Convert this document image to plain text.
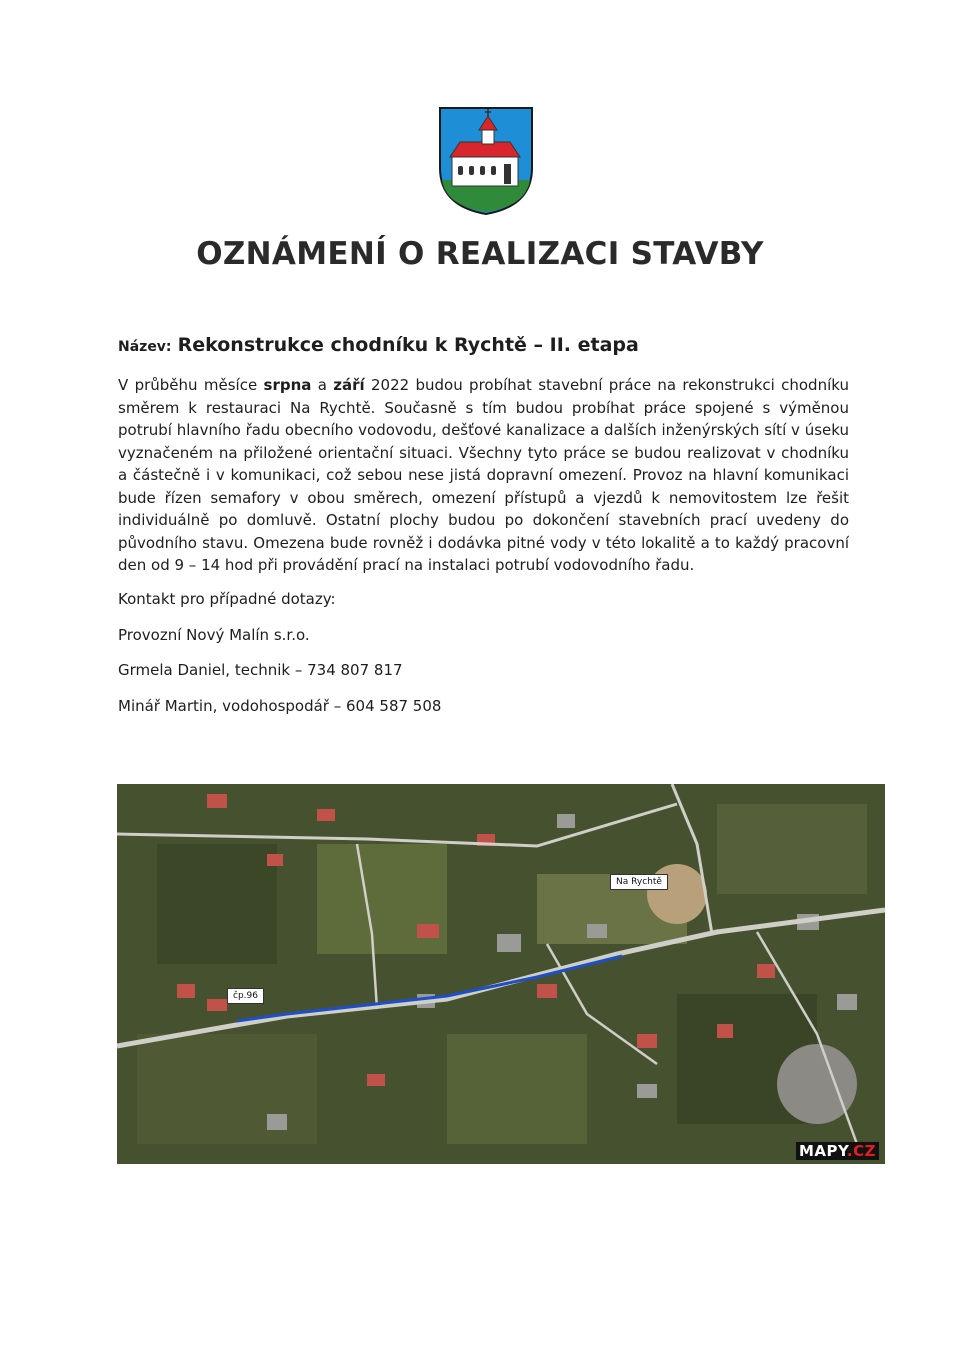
OZNÁMENÍ O REALIZACI STAVBY
Název: Rekonstrukce chodníku k Rychtě – II. etapa
V průběhu měsíce srpna a září 2022 budou probíhat stavební práce na rekonstrukci chodníku směrem k restauraci Na Rychtě. Současně s tím budou probíhat práce spojené s výměnou potrubí hlavního řadu obecního vodovodu, dešťové kanalizace a dalších inženýrských sítí v úseku vyznačeném na přiložené orientační situaci. Všechny tyto práce se budou realizovat v chodníku a částečně i v komunikaci, což sebou nese jistá dopravní omezení. Provoz na hlavní komunikaci bude řízen semafory v obou směrech, omezení přístupů a vjezdů k nemovitostem lze řešit individuálně po domluvě. Ostatní plochy budou po dokončení stavebních prací uvedeny do původního stavu. Omezena bude rovněž i dodávka pitné vody v této lokalitě a to každý pracovní den od 9 – 14 hod při provádění prací na instalaci potrubí vodovodního řadu.
Kontakt pro případné dotazy:
Provozní Nový Malín s.r.o.
Grmela Daniel, technik – 734 807 817
Minář Martin, vodohospodář – 604 587 508
Na Rychtě
čp.96
MAPY.CZ
